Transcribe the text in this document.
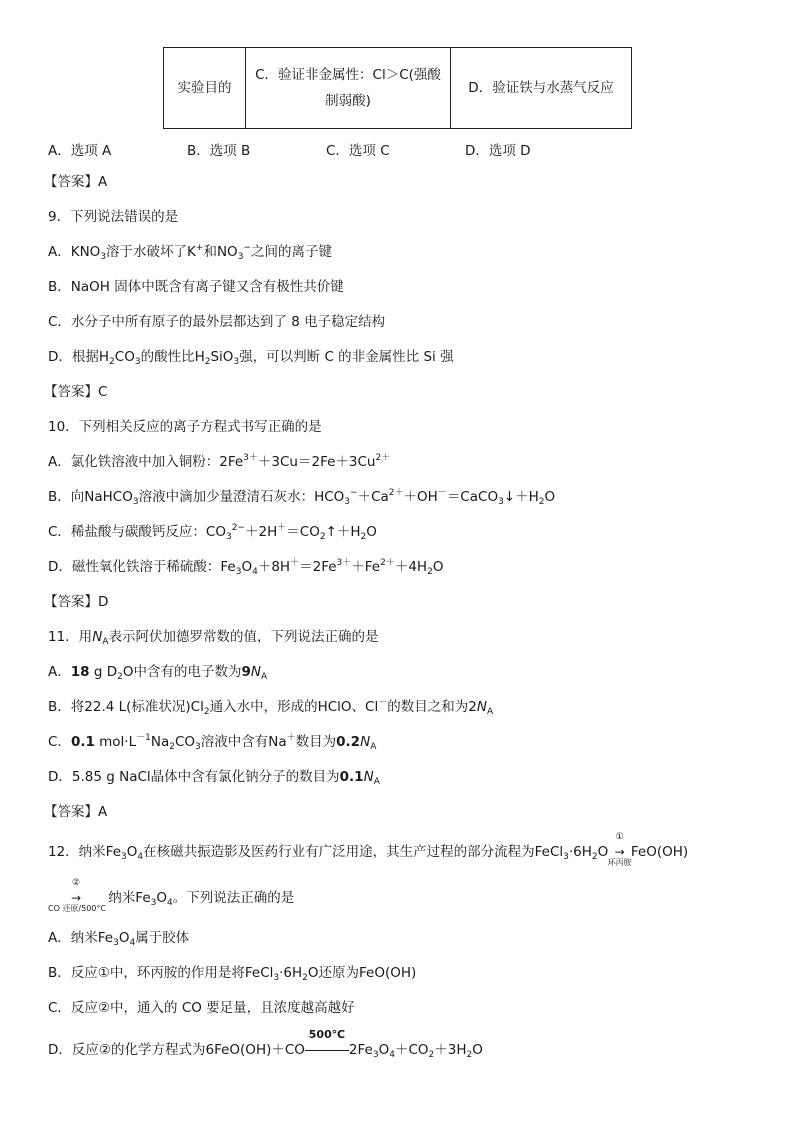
实验目的	C．验证非金属性：Cl＞C(强酸制弱酸)	D．验证铁与水蒸气反应
A．选项 A	B．选项 B	C．选项 C	D．选项 D
【答案】A
9．下列说法错误的是
A．$KNO_3$溶于水破坏了K+和$NO_3^-$之间的离子键
B．NaOH 固体中既含有离子键又含有极性共价键
C．水分子中所有原子的最外层都达到了 8 电子稳定结构
D．根据$H_2CO_3$的酸性比$H_2SiO_3$强，可以判断 C 的非金属性比 Si 强
【答案】C
10．下列相关反应的离子方程式书写正确的是
A．氯化铁溶液中加入铜粉：$2Fe^{3+}+3Cu=2Fe+3Cu^{2+}$
B．向NaHCO$_3$溶液中滴加少量澄清石灰水：$HCO_3^-+Ca^{2+}+OH^-=CaCO_3↓+H_2O$
C．稀盐酸与碳酸钙反应：$CO_3^{2-}+2H^+=CO_2↑+H_2O$
D．磁性氧化铁溶于稀硫酸：$Fe_3O_4+8H^+=2Fe^{3+}+Fe^{2+}+4H_2O$
【答案】D
11．用$N_A$表示阿伏加德罗常数的值，下列说法正确的是
A．18 g $D_2O$中含有的电子数为$9N_A$
B．将22.4 L(标准状况)$Cl_2$通入水中，形成的HClO、Cl－的数目之和为$2N_A$
C．0.1 $mol\cdot L^{-1}Na_2CO_3$溶液中含有Na＋数目为$0.2N_A$
D．5.85 g NaCl晶体中含有氯化钠分子的数目为$0.1N_A$
【答案】A
12．纳米$Fe_3O_4$在核磁共振造影及医药行业有广泛用途，其生产过程的部分流程为$FeCl_3\cdot 6H_2O$
①
→
环丙胺
FeO(OH)
②
→
CO 还原/500°C
纳米$Fe_3O_4$。下列说法正确的是
A．纳米$Fe_3O_4$属于胶体
B．反应①中，环丙胺的作用是将$FeCl_3\cdot 6H_2O$还原为FeO(OH)
C．反应②中，通入的 CO 要足量，且浓度越高越好
D．反应②的化学方程式为6FeO(OH)＋CO
500℃
$2Fe_3O_4+CO_2+3H_2O$
